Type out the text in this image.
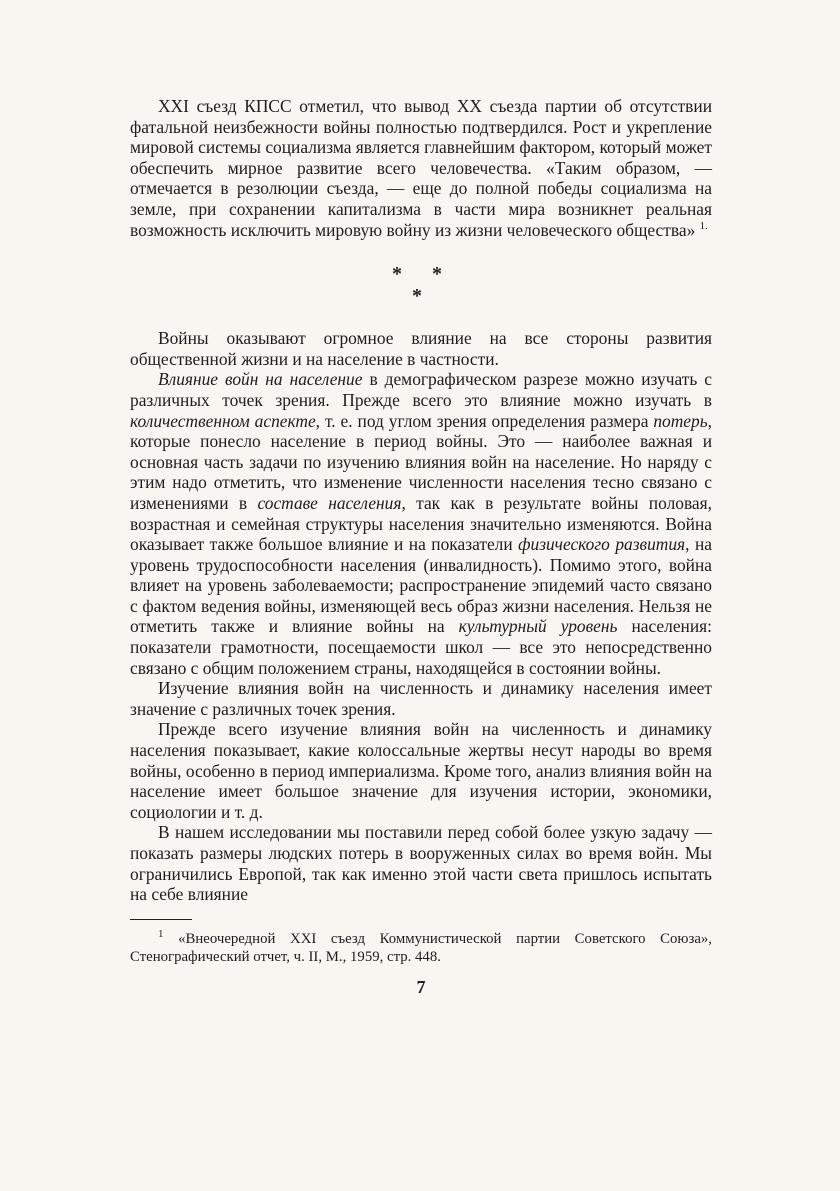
XXI съезд КПСС отметил, что вывод XX съезда партии об отсутствии фатальной неизбежности войны полностью подтвердился. Рост и укрепление мировой системы социализма является главнейшим фактором, который может обеспечить мирное развитие всего человечества. «Таким образом, — отмечается в резолюции съезда, — еще до полной победы социализма на земле, при сохранении капитализма в части мира возникнет реальная возможность исключить мировую войну из жизни человеческого общества» $^{1.}$

* *
*

Войны оказывают огромное влияние на все стороны развития общественной жизни и на население в частности.

Влияние войн на население в демографическом разрезе можно изучать с различных точек зрения. Прежде всего это влияние можно изучать в количественном аспекте, т. е. под углом зрения определения размера потерь, которые понесло население в период войны. Это — наиболее важная и основная часть задачи по изучению влияния войн на население. Но наряду с этим надо отметить, что изменение численности населения тесно связано с изменениями в составе населения, так как в результате войны половая, возрастная и семейная структуры населения значительно изменяются. Война оказывает также большое влияние и на показатели физического развития, на уровень трудоспособности населения (инвалидность). Помимо этого, война влияет на уровень заболеваемости; распространение эпидемий часто связано с фактом ведения войны, изменяющей весь образ жизни населения. Нельзя не отметить также и влияние войны на культурный уровень населения: показатели грамотности, посещаемости школ — все это непосредственно связано с общим положением страны, находящейся в состоянии войны.

Изучение влияния войн на численность и динамику населения имеет значение с различных точек зрения.

Прежде всего изучение влияния войн на численность и динамику населения показывает, какие колоссальные жертвы несут народы во время войны, особенно в период империализма. Кроме того, анализ влияния войн на население имеет большое значение для изучения истории, экономики, социологии и т. д.

В нашем исследовании мы поставили перед собой более узкую задачу — показать размеры людских потерь в вооруженных силах во время войн. Мы ограничились Европой, так как именно этой части света пришлось испытать на себе влияние

$^1$ «Внеочередной XXI съезд Коммунистической партии Советского Союза», Стенографический отчет, ч. II, М., 1959, стр. 448.

7
